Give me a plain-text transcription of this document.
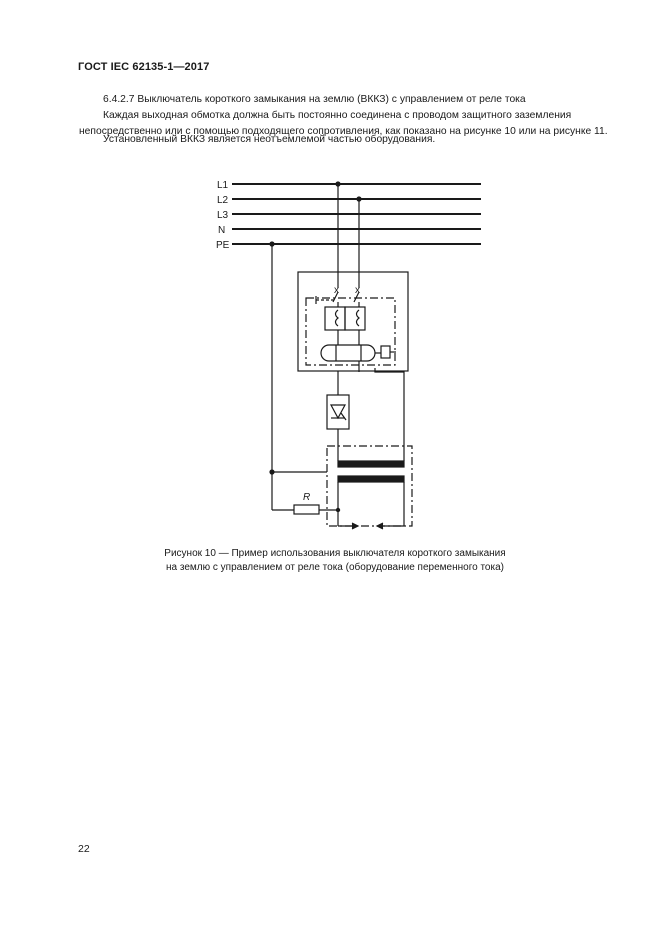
ГОСТ IEC 62135-1—2017
6.4.2.7 Выключатель короткого замыкания на землю (ВККЗ) с управлением от реле тока
Каждая выходная обмотка должна быть постоянно соединена с проводом защитного заземления непосредственно или с помощью подходящего сопротивления, как показано на рисунке 10 или на рисунке 11.
Установленный ВККЗ является неотъемлемой частью оборудования.
x x
L1
L2
L3
N
PE
R
Рисунок 10 — Пример использования выключателя короткого замыкания
на землю с управлением от реле тока (оборудование переменного тока)
22
